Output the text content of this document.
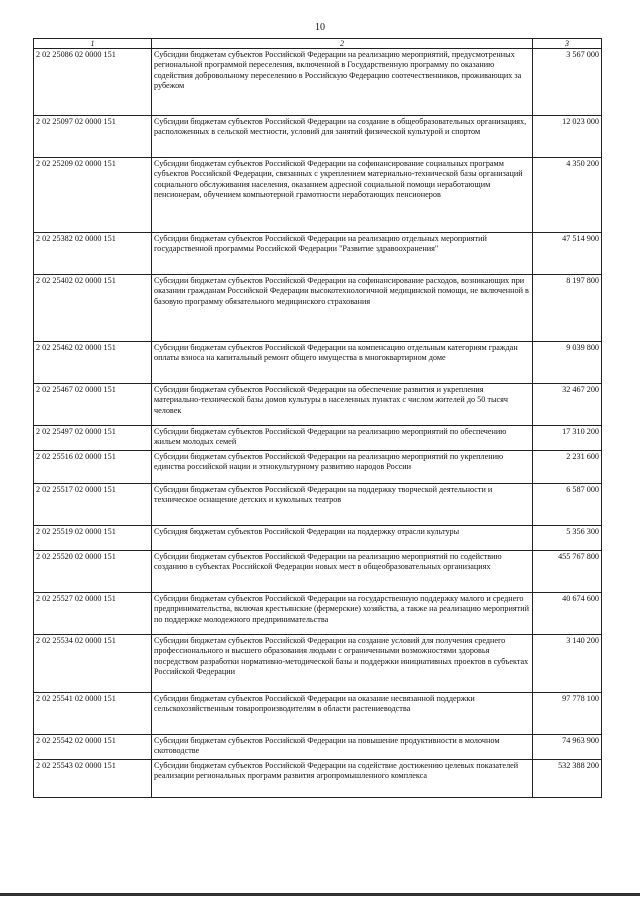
10
1	2	3
2 02 25086 02 0000 151	Субсидии бюджетам субъектов Российской Федерации на реализацию мероприятий, предусмотренных региональной программой переселения, включенной в Государственную программу по оказанию содействия добровольному переселению в Российскую Федерацию соотечественников, проживающих за рубежом	3 567 000
2 02 25097 02 0000 151	Субсидии бюджетам субъектов Российской Федерации на создание в общеобразовательных организациях, расположенных в сельской местности, условий для занятий физической культурой и спортом	12 023 000
2 02 25209 02 0000 151	Субсидии бюджетам субъектов Российской Федерации на софинансирование социальных программ субъектов Российской Федерации, связанных с укреплением материально-технической базы организаций социального обслуживания населения, оказанием адресной социальной помощи неработающим пенсионерам, обучением компьютерной грамотности неработающих пенсионеров	4 350 200
2 02 25382 02 0000 151	Субсидии бюджетам субъектов Российской Федерации на реализацию отдельных мероприятий государственной программы Российской Федерации "Развитие здравоохранения"	47 514 900
2 02 25402 02 0000 151	Субсидии бюджетам субъектов Российской Федерации на софинансирование расходов, возникающих при оказании гражданам Российской Федерации высокотехнологичной медицинской помощи, не включенной в базовую программу обязательного медицинского страхования	8 197 800
2 02 25462 02 0000 151	Субсидии бюджетам субъектов Российской Федерации на компенсацию отдельным категориям граждан оплаты взноса на капитальный ремонт общего имущества в многоквартирном доме	9 039 800
2 02 25467 02 0000 151	Субсидии бюджетам субъектов Российской Федерации на обеспечение развития и укрепления материально-технической базы домов культуры в населенных пунктах с числом жителей до 50 тысяч человек	32 467 200
2 02 25497 02 0000 151	Субсидии бюджетам субъектов Российской Федерации на реализацию мероприятий по обеспечению жильем молодых семей	17 310 200
2 02 25516 02 0000 151	Субсидии бюджетам субъектов Российской Федерации на реализацию мероприятий по укреплению единства российской нации и этнокультурному развитию народов России	2 231 600
2 02 25517 02 0000 151	Субсидии бюджетам субъектов Российской Федерации на поддержку творческой деятельности и техническое оснащение детских и кукольных театров	6 587 000
2 02 25519 02 0000 151	Субсидия бюджетам субъектов Российской Федерации на поддержку отрасли культуры	5 356 300
2 02 25520 02 0000 151	Субсидии бюджетам субъектов Российской Федерации на реализацию мероприятий по содействию созданию в субъектах Российской Федерации новых мест в общеобразовательных организациях	455 767 800
2 02 25527 02 0000 151	Субсидии бюджетам субъектов Российской Федерации на государственную поддержку малого и среднего предпринимательства, включая крестьянские (фермерские) хозяйства, а также на реализацию мероприятий по поддержке молодежного предпринимательства	40 674 600
2 02 25534 02 0000 151	Субсидии бюджетам субъектов Российской Федерации на создание условий для получения среднего профессионального и высшего образования людьми с ограниченными возможностями здоровья посредством разработки нормативно-методической базы и поддержки инициативных проектов в субъектах Российской Федерации	3 140 200
2 02 25541 02 0000 151	Субсидии бюджетам субъектов Российской Федерации на оказание несвязанной поддержки сельскохозяйственным товаропроизводителям в области растениеводства	97 778 100
2 02 25542 02 0000 151	Субсидии бюджетам субъектов Российской Федерации на повышение продуктивности в молочном скотоводстве	74 963 900
2 02 25543 02 0000 151	Субсидии бюджетам субъектов Российской Федерации на содействие достижению целевых показателей реализации региональных программ развития агропромышленного комплекса	532 388 200
